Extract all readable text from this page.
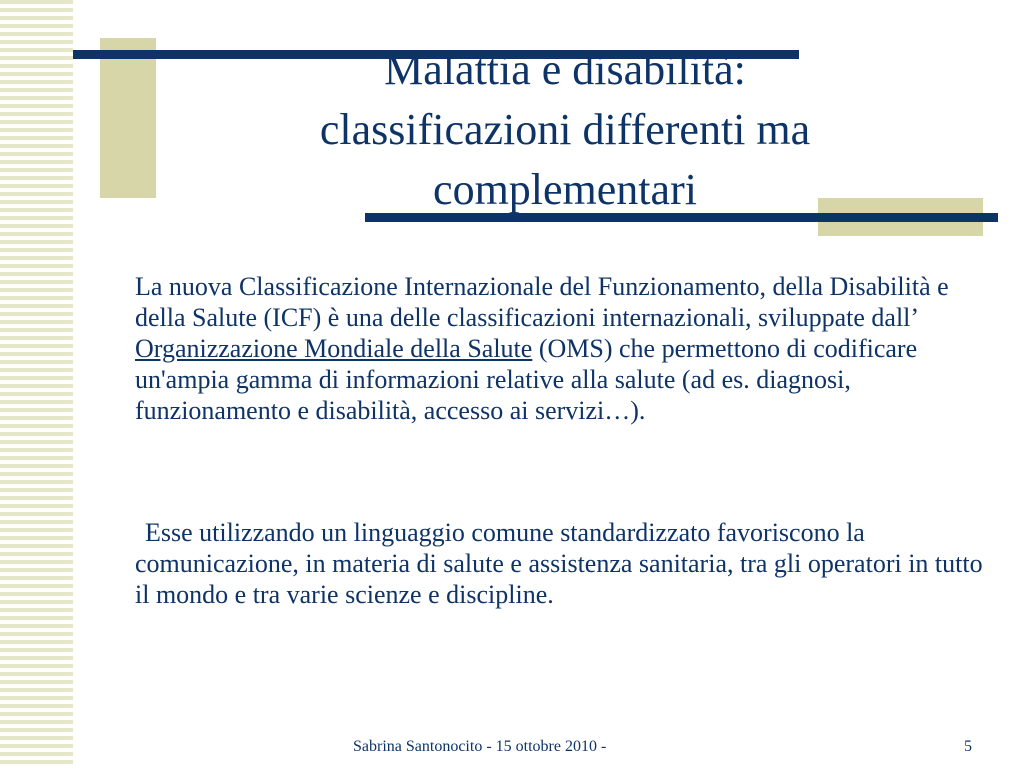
Malattia e disabilità:
classificazioni differenti ma
complementari

La nuova Classificazione Internazionale del Funzionamento, della Disabilità e della Salute (ICF) è una delle classificazioni internazionali, sviluppate dall’ Organizzazione Mondiale della Salute (OMS) che permettono di codificare un'ampia gamma di informazioni relative alla salute (ad es. diagnosi, funzionamento e disabilità, accesso ai servizi…).

Esse utilizzando un linguaggio comune standardizzato favoriscono la comunicazione, in materia di salute e assistenza sanitaria, tra gli operatori in tutto il mondo e tra varie scienze e discipline.

Sabrina Santonocito - 15 ottobre 2010 -	5
